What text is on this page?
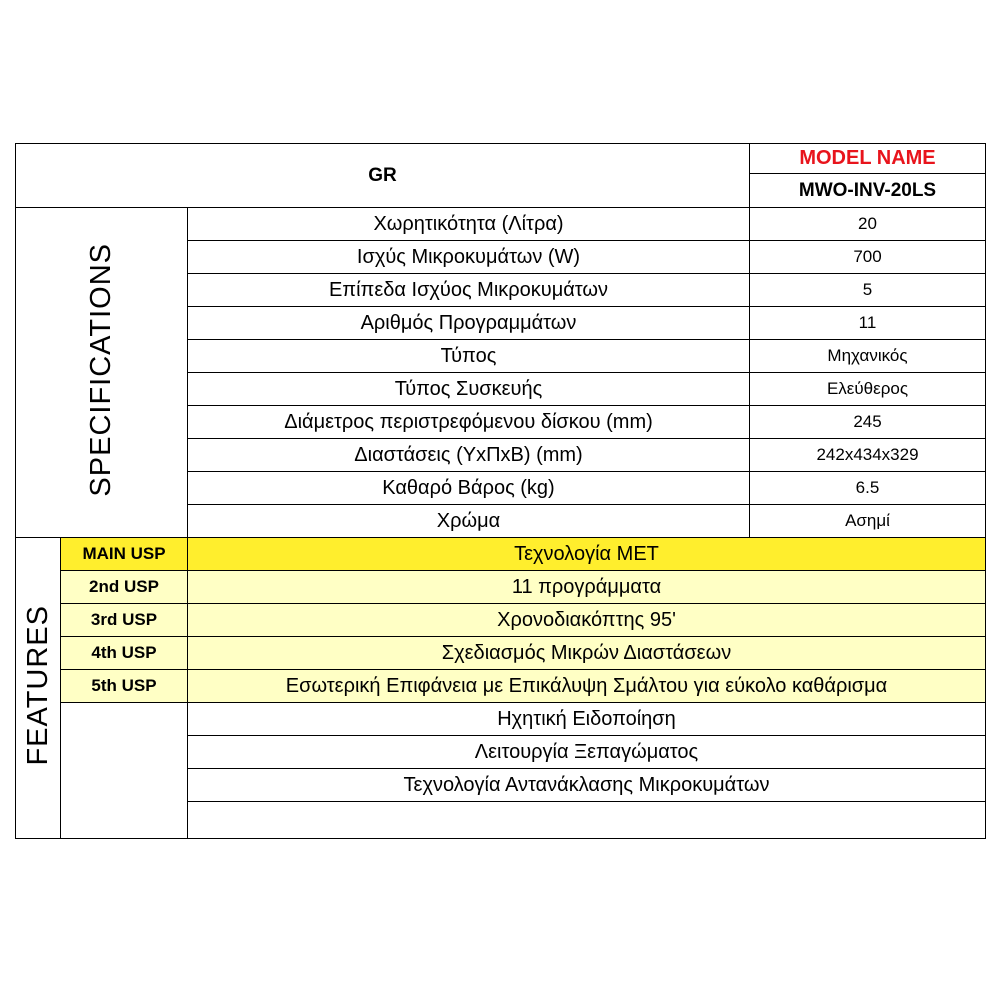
GR			MODEL NAME
			MWO-INV-20LS
SPECIFICATIONS		Χωρητικότητα (Λίτρα)	20
		Ισχύς Μικροκυμάτων (W)	700
		Επίπεδα Ισχύος Μικροκυμάτων	5
		Αριθμός Προγραμμάτων	11
		Τύπος	Μηχανικός
		Τύπος Συσκευής	Ελεύθερος
		Διάμετρος περιστρεφόμενου δίσκου (mm)	245
		Διαστάσεις (ΥxΠxΒ) (mm)	242x434x329
		Καθαρό Βάρος (kg)	6.5
		Χρώμα	Ασημί
FEATURES	MAIN USP	Τεχνολογία MET	
	2nd USP	11 προγράμματα	
	3rd USP	Χρονοδιακόπτης 95'	
	4th USP	Σχεδιασμός Μικρών Διαστάσεων	
	5th USP	Εσωτερική Επιφάνεια με Επικάλυψη Σμάλτου για εύκολο καθάρισμα	
		Ηχητική Ειδοποίηση	
		Λειτουργία Ξεπαγώματος	
		Τεχνολογία Αντανάκλασης Μικροκυμάτων	
